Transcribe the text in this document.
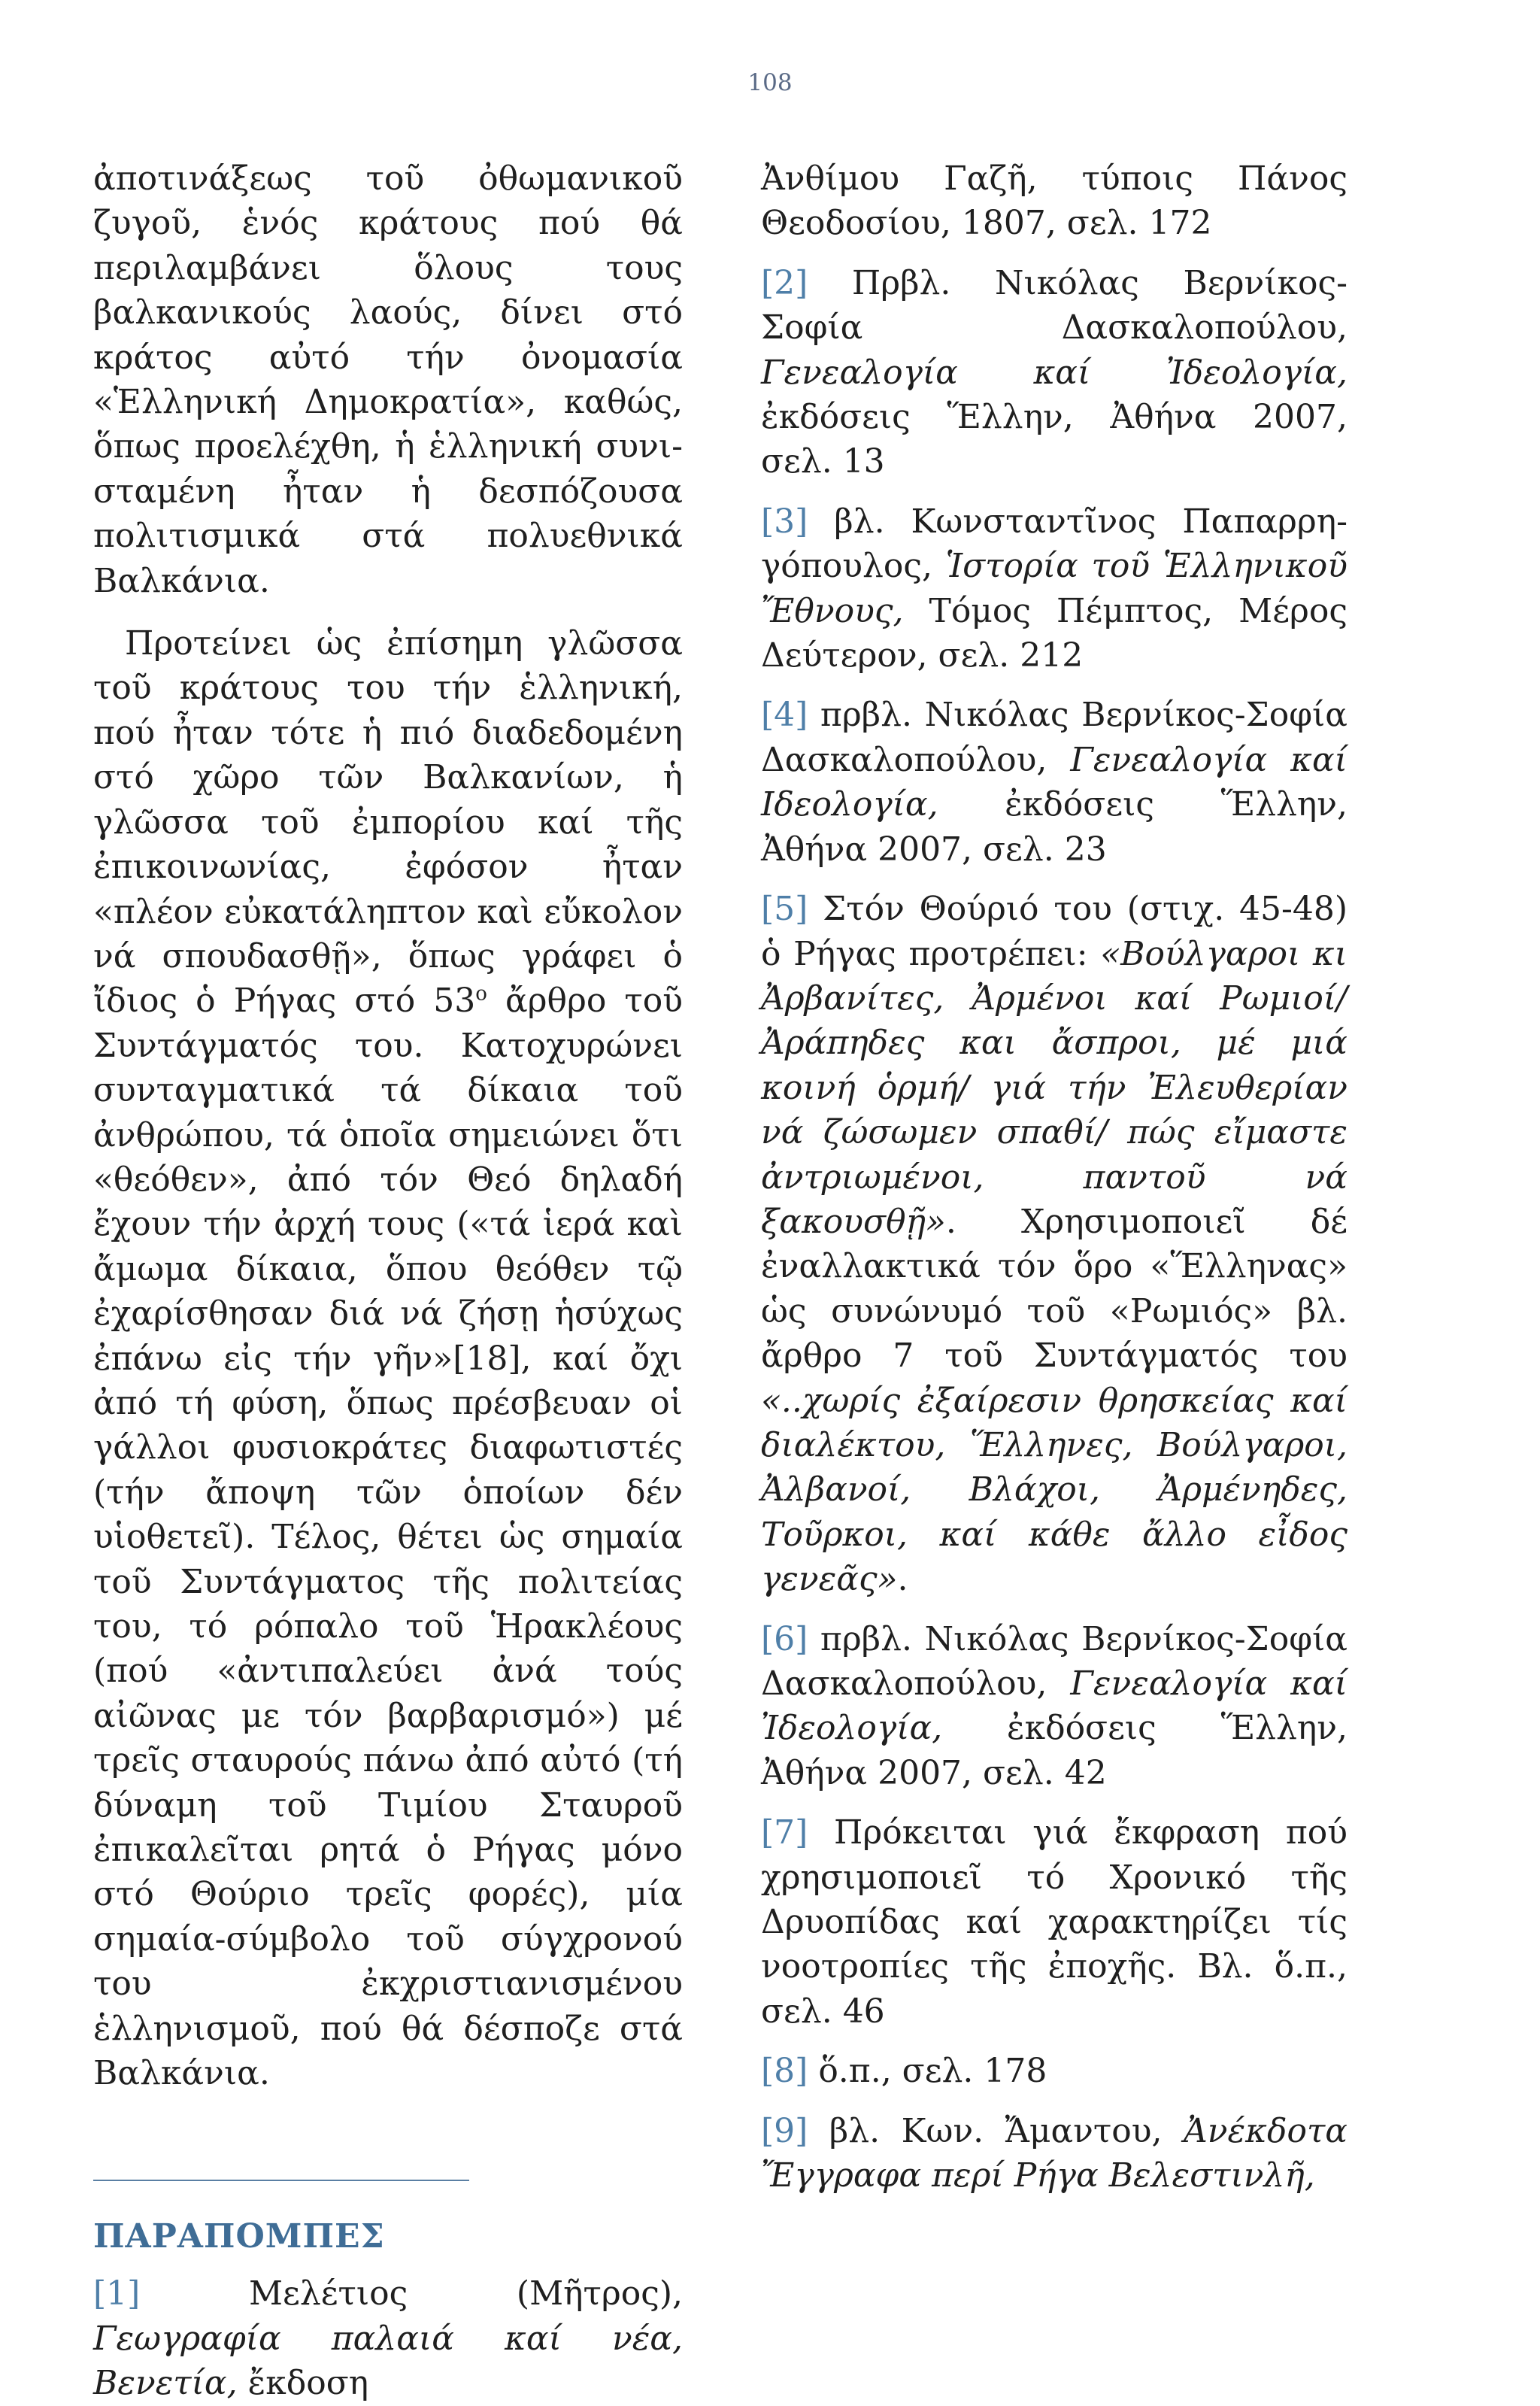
108

ἀποτινάξεως τοῦ ὀθωμανικοῦ ζυγοῦ, ἑνός κράτους πού θά περιλαμβάνει ὅλους τους βαλκανικούς λαούς, δίνει στό κράτος αὐτό τήν ὀνομασία «Ἑλληνική Δημοκρατία», καθώς, ὅπως προελέχθη, ἡ ἑλληνική συνισταμένη ἦταν ἡ δεσπόζουσα πολιτισμικά στά πολυεθνικά Βαλκάνια.

Προτείνει ὡς ἐπίσημη γλῶσσα τοῦ κράτους του τήν ἑλληνική, πού ἦταν τότε ἡ πιό διαδεδομένη στό χῶρο τῶν Βαλκανίων, ἡ γλῶσσα τοῦ ἐμπορίου καί τῆς ἐπικοινωνίας, ἐφόσον ἦταν «πλέον εὐκατάληπτον καὶ εὔκολον νά σπουδασθῇ», ὅπως γράφει ὁ ἴδιος ὁ Ρήγας στό $53^o$ ἄρθρο τοῦ Συντάγματός του. Κατοχυρώνει συνταγματικά τά δίκαια τοῦ ἀνθρώπου, τά ὁποῖα σημειώνει ὅτι «θεόθεν», ἀπό τόν Θεό δηλαδή ἔχουν τήν ἀρχή τους («τά ἱερά καὶ ἄμωμα δίκαια, ὅπου θεόθεν τῷ ἐχαρίσθησαν διά νά ζήσῃ ἡσύχως ἐπάνω εἰς τήν γῆν»[18], καί ὄχι ἀπό τή φύση, ὅπως πρέσβευαν οἱ γάλλοι φυσιοκράτες διαφωτιστές (τήν ἄποψη τῶν ὁποίων δέν υἱοθετεῖ). Τέλος, θέτει ὡς σημαία τοῦ Συντάγματος τῆς πολιτείας του, τό ρόπαλο τοῦ Ἡρακλέους (πού «ἀντιπαλεύει ἀνά τούς αἰῶνας με τόν βαρβαρισμό») μέ τρεῖς σταυρούς πάνω ἀπό αὐτό (τή δύναμη τοῦ Τιμίου Σταυροῦ ἐπικαλεῖται ρητά ὁ Ρήγας μόνο στό Θούριο τρεῖς φορές), μία σημαία-σύμβολο τοῦ σύγχρονού του ἐκχριστιανισμένου ἑλληνισμοῦ, πού θά δέσποζε στά Βαλκάνια.

ΠΑΡΑΠΟΜΠΕΣ

[1] Μελέτιος (Μῆτρος), Γεωγραφία παλαιά καί νέα, Βενετία, ἔκδοση

Ἀνθίμου Γαζῆ, τύποις Πάνος Θεοδοσίου, 1807, σελ. 172

[2] Πρβλ. Νικόλας Βερνίκος-Σοφία Δασκαλοπούλου, Γενεαλογία καί Ἰδεολογία, ἐκδόσεις Ἕλλην, Ἀθήνα 2007, σελ. 13

[3] βλ. Κωνσταντῖνος Παπαρρηγόπουλος, Ἱστορία τοῦ Ἑλληνικοῦ Ἔθνους, Τόμος Πέμπτος, Μέρος Δεύτερον, σελ. 212

[4] πρβλ. Νικόλας Βερνίκος-Σοφία Δασκαλοπούλου, Γενεαλογία καί Ιδεολογία, ἐκδόσεις Ἕλλην, Ἀθήνα 2007, σελ. 23

[5] Στόν Θούριό του (στιχ. 45-48) ὁ Ρήγας προτρέπει: «Βούλγαροι κι Ἀρβανίτες, Ἀρμένοι καί Ρωμιοί/ Ἀράπηδες και ἄσπροι, μέ μιά κοινή ὁρμή/ γιά τήν Ἐλευθερίαν νά ζώσωμεν σπαθί/ πώς εἴμαστε ἀντριωμένοι, παντοῦ νά ξακουσθῇ». Χρησιμοποιεῖ δέ ἐναλλακτικά τόν ὅρο «Ἕλληνας» ὡς συνώνυμό τοῦ «Ρωμιός» βλ. ἄρθρο 7 τοῦ Συντάγματός του «..χωρίς ἐξαίρεσιν θρησκείας καί διαλέκτου, Ἕλληνες, Βούλγαροι, Ἀλβανοί, Βλάχοι, Ἀρμένηδες, Τοῦρκοι, καί κάθε ἄλλο εἶδος γενεᾶς».

[6] πρβλ. Νικόλας Βερνίκος-Σοφία Δασκαλοπούλου, Γενεαλογία καί Ἰδεολογία, ἐκδόσεις Ἕλλην, Ἀθήνα 2007, σελ. 42

[7] Πρόκειται γιά ἔκφραση πού χρησιμοποιεῖ τό Χρονικό τῆς Δρυοπίδας καί χαρακτηρίζει τίς νοοτροπίες τῆς ἐποχῆς. Βλ. ὅ.π., σελ. 46

[8] ὅ.π., σελ. 178

[9] βλ. Κων. Ἄμαντου, Ἀνέκδοτα Ἔγγραφα περί Ρήγα Βελεστινλῆ,
